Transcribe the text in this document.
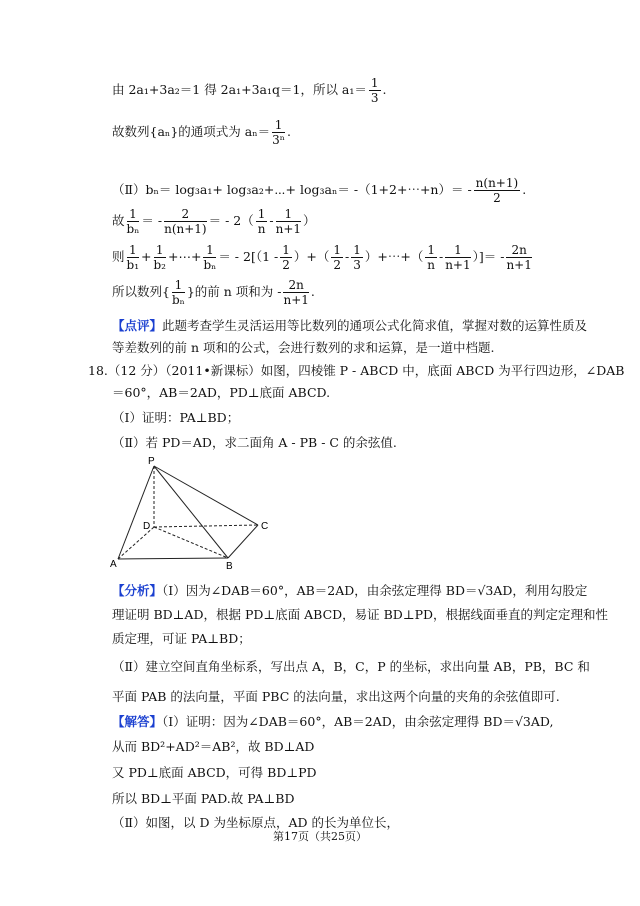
由 2a₁+3a₂＝1 得 2a₁+3a₁q＝1，所以 $a_1= \frac{1}{3}$ .
故数列{aₙ}的通项式为 $a_n= \frac{1}{\text{3ⁿ}}$ .
（Ⅱ）bₙ＝ log₃a₁+ log₃a₂+⋯+ log₃aₙ＝ -（1+2+⋯+n）＝ - $\frac{n(n+1)}{2}$ .
故 $\frac{1}{\text{bₙ}}$ ＝ - $\frac{2}{n(n+1)}$ ＝ - $2( \frac{1}{n} - \frac{1}{n+1}$ ）
则 $\frac{1}{\text{b₁}} + \frac{1}{\text{b₂}}$ +⋯+ $\frac{1}{\text{bₙ}}$ ＝ - $2[(1 - \frac{1}{2}$ ）+（ $\frac{1}{2} - \frac{1}{3}$ ）+⋯+（ $\frac{1}{n} - \frac{1}{n+1}$ ）]＝ - $\frac{2n}{n+1}$
所以数列{ $\frac{1}{\text{bₙ}}$ }的前 n 项和为 - $\frac{2n}{n+1}$ .
【点评】此题考查学生灵活运用等比数列的通项公式化简求值，掌握对数的运算性质及
等差数列的前 n 项和的公式，会进行数列的求和运算，是一道中档题.
18.（12 分）（2011•新课标）如图，四棱锥 P - ABCD 中，底面 ABCD 为平行四边形，∠DAB
＝60°，AB＝2AD，PD⊥底面 ABCD.
（Ⅰ）证明：PA⊥BD；
（Ⅱ）若 PD＝AD，求二面角 A - PB - C 的余弦值.
P
A	B
C
D
【分析】（Ⅰ）因为∠DAB＝60°，AB＝2AD，由余弦定理得 BD＝√3AD，利用勾股定
理证明 BD⊥AD，根据 PD⊥底面 ABCD，易证 BD⊥PD，根据线面垂直的判定定理和性
质定理，可证 PA⊥BD；
（Ⅱ）建立空间直角坐标系，写出点 A，B，C，P 的坐标，求出向量 AB，PB，BC 和
平面 PAB 的法向量，平面 PBC 的法向量，求出这两个向量的夹角的余弦值即可.
【解答】（Ⅰ）证明：因为∠DAB＝60°，AB＝2AD，由余弦定理得 BD＝√3AD,
从而 BD²+AD²＝AB²，故 BD⊥AD
又 PD⊥底面 ABCD，可得 BD⊥PD
所以 BD⊥平面 PAD.故 PA⊥BD
（Ⅱ）如图，以 D 为坐标原点，AD 的长为单位长，
第17页（共25页）
